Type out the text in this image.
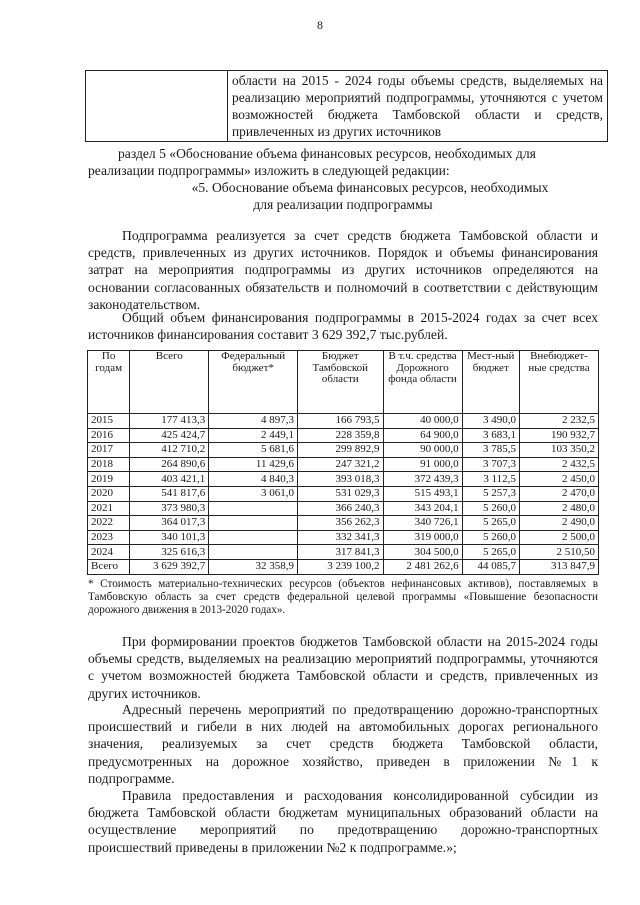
8
	области на 2015 - 2024 годы объемы средств, выделяемых на реализацию мероприятий подпрограммы, уточняются с учетом возможностей бюджета Тамбовской области и средств, привлеченных из других источников
раздел 5 «Обоснование объема финансовых ресурсов, необходимых для
реализации подпрограммы» изложить в следующей редакции:
«5. Обоснование объема финансовых ресурсов, необходимых
для реализации подпрограммы
Подпрограмма реализуется за счет средств бюджета Тамбовской области и средств, привлеченных из других источников. Порядок и объемы финансирования затрат на мероприятия подпрограммы из других источников определяются на основании согласованных обязательств и полномочий в соответствии с действующим законодательством.
Общий объем финансирования подпрограммы в 2015-2024 годах за счет всех источников финансирования составит 3 629 392,7 тыс.рублей.
По годам	Всего	Федеральный бюджет*	Бюджет Тамбовской области	В т.ч. средства Дорожного фонда области	Мест-ный бюджет	Внебюджет-ные средства
2015	177 413,3	4 897,3	166 793,5	40 000,0	3 490,0	2 232,5
2016	425 424,7	2 449,1	228 359,8	64 900,0	3 683,1	190 932,7
2017	412 710,2	5 681,6	299 892,9	90 000,0	3 785,5	103 350,2
2018	264 890,6	11 429,6	247 321,2	91 000,0	3 707,3	2 432,5
2019	403 421,1	4 840,3	393 018,3	372 439,3	3 112,5	2 450,0
2020	541 817,6	3 061,0	531 029,3	515 493,1	5 257,3	2 470,0
2021	373 980,3		366 240,3	343 204,1	5 260,0	2 480,0
2022	364 017,3		356 262,3	340 726,1	5 265,0	2 490,0
2023	340 101,3		332 341,3	319 000,0	5 260,0	2 500,0
2024	325 616,3		317 841,3	304 500,0	5 265,0	2 510,50
Всего	3 629 392,7	32 358,9	3 239 100,2	2 481 262,6	44 085,7	313 847,9
* Стоимость материально-технических ресурсов (объектов нефинансовых активов), поставляемых в Тамбовскую область за счет средств федеральной целевой программы «Повышение безопасности дорожного движения в 2013-2020 годах».
При формировании проектов бюджетов Тамбовской области на 2015-2024 годы объемы средств, выделяемых на реализацию мероприятий подпрограммы, уточняются с учетом возможностей бюджета Тамбовской области и средств, привлеченных из других источников.
Адресный перечень мероприятий по предотвращению дорожно-транспортных происшествий и гибели в них людей на автомобильных дорогах регионального значения, реализуемых за счет средств бюджета Тамбовской области, предусмотренных на дорожное хозяйство, приведен в приложении №1 к подпрограмме.
Правила предоставления и расходования консолидированной субсидии из бюджета Тамбовской области бюджетам муниципальных образований области на осуществление мероприятий по предотвращению дорожно-транспортных происшествий приведены в приложении №2 к подпрограмме.»;
